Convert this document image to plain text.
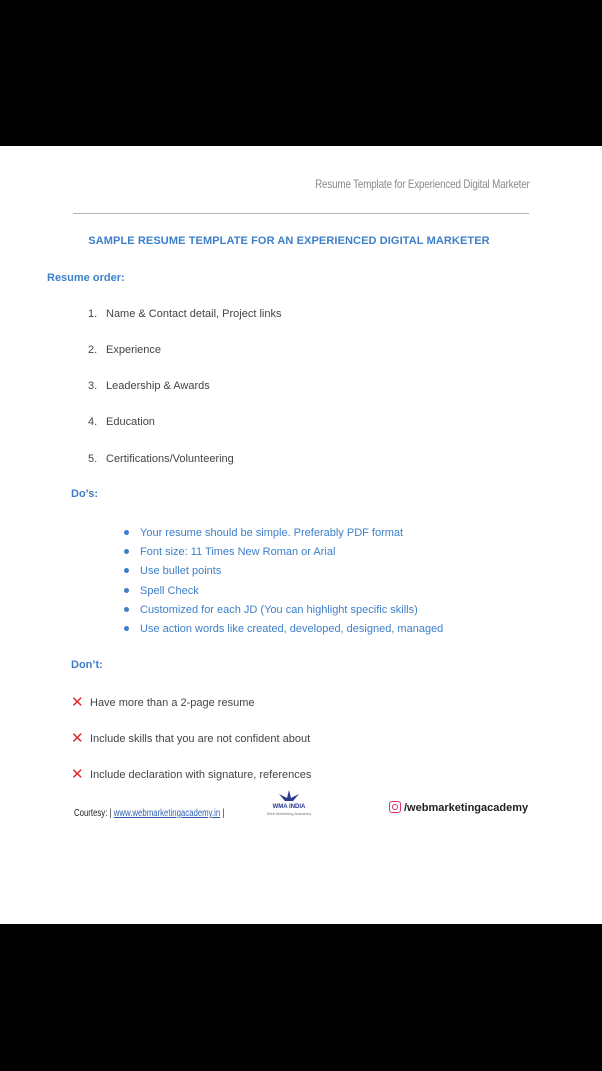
Resume Template for Experienced Digital Marketer
SAMPLE RESUME TEMPLATE FOR AN EXPERIENCED DIGITAL MARKETER
Resume order:
1. Name & Contact detail, Project links
2. Experience
3. Leadership & Awards
4. Education
5. Certifications/Volunteering
Do’s:
Your resume should be simple. Preferably PDF format
Font size: 11 Times New Roman or Arial
Use bullet points
Spell Check
Customized for each JD (You can highlight specific skills)
Use action words like created, developed, designed, managed
Don’t:
✕ Have more than a 2-page resume
✕ Include skills that you are not confident about
✕ Include declaration with signature, references
Courtesy: | www.webmarketingacademy.in |
WMA INDIA
Web Marketing Academy	/webmarketingacademy
